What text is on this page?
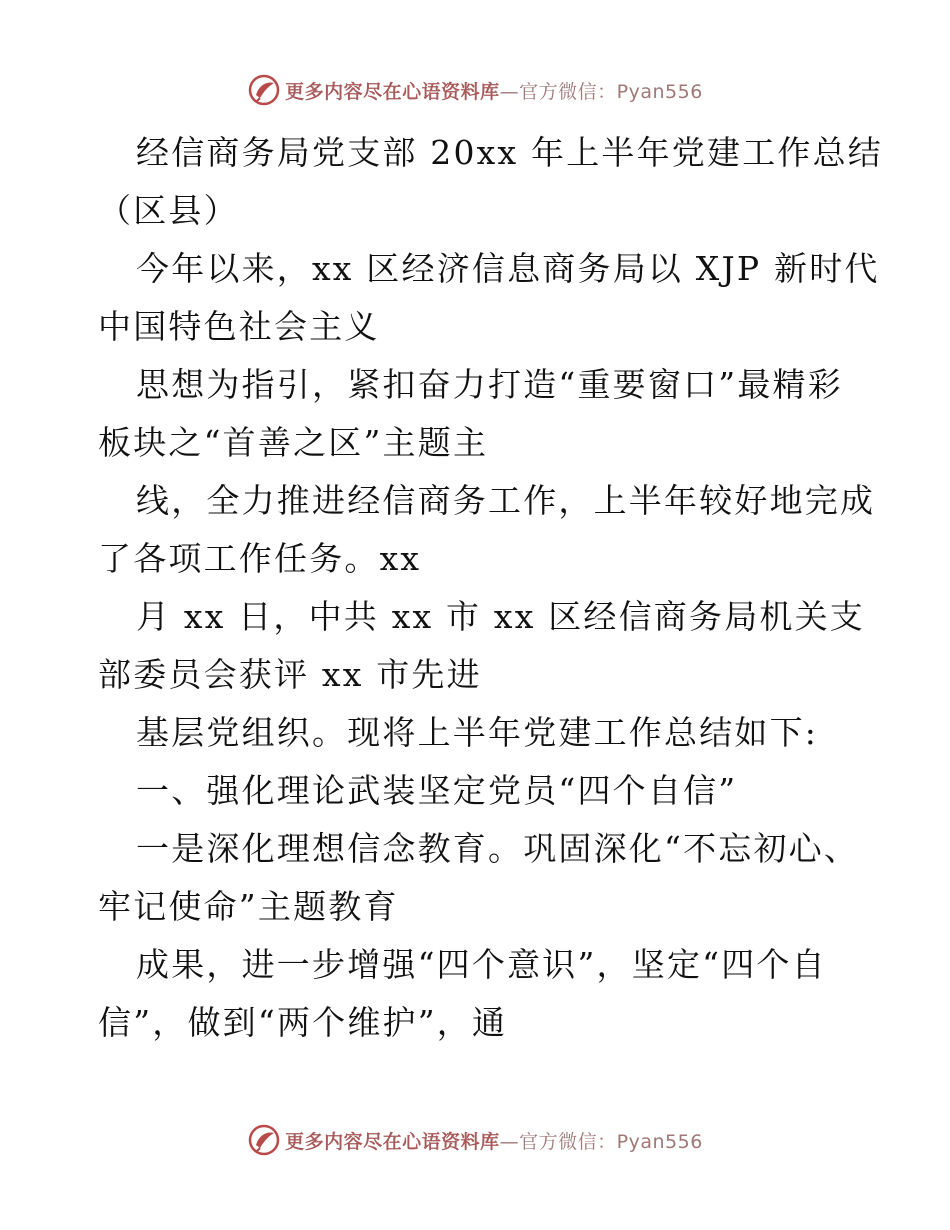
更多内容尽在心语资料库—官方微信：Pyan556

经信商务局党支部 20xx 年上半年党建工作总结

（区县）

今年以来，xx 区经济信息商务局以 XJP 新时代

中国特色社会主义

思想为指引，紧扣奋力打造“重要窗口”最精彩

板块之“首善之区”主题主

线，全力推进经信商务工作，上半年较好地完成

了各项工作任务。xx

月 xx 日，中共 xx 市 xx 区经信商务局机关支

部委员会获评 xx 市先进

基层党组织。现将上半年党建工作总结如下:

一、强化理论武装坚定党员“四个自信”

一是深化理想信念教育。巩固深化“不忘初心、

牢记使命”主题教育

成果，进一步增强“四个意识”，坚定“四个自

信”，做到“两个维护”，通

更多内容尽在心语资料库—官方微信：Pyan556
